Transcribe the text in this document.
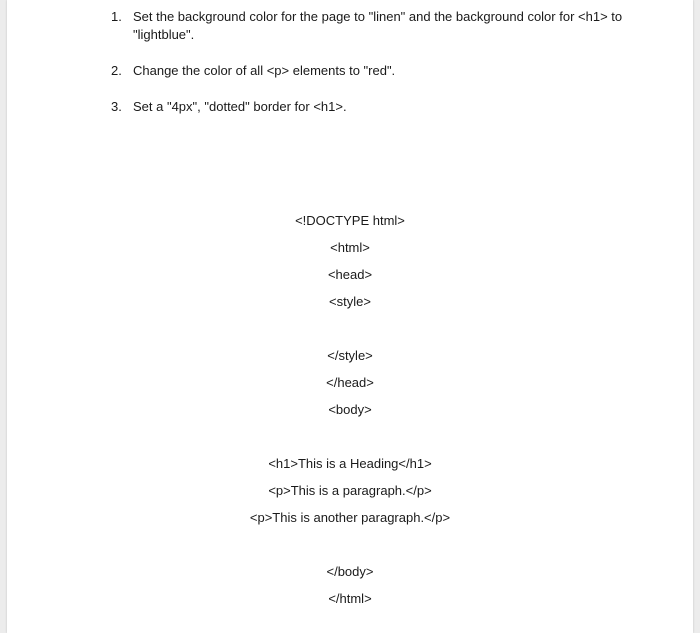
1. Set the background color for the page to "linen" and the background color for <h1> to "lightblue".
2. Change the color of all <p> elements to "red".
3. Set a "4px", "dotted" border for <h1>.
<!DOCTYPE html>
<html>
<head>
<style>
</style>
</head>
<body>
<h1>This is a Heading</h1>
<p>This is a paragraph.</p>
<p>This is another paragraph.</p>
</body>
</html>
